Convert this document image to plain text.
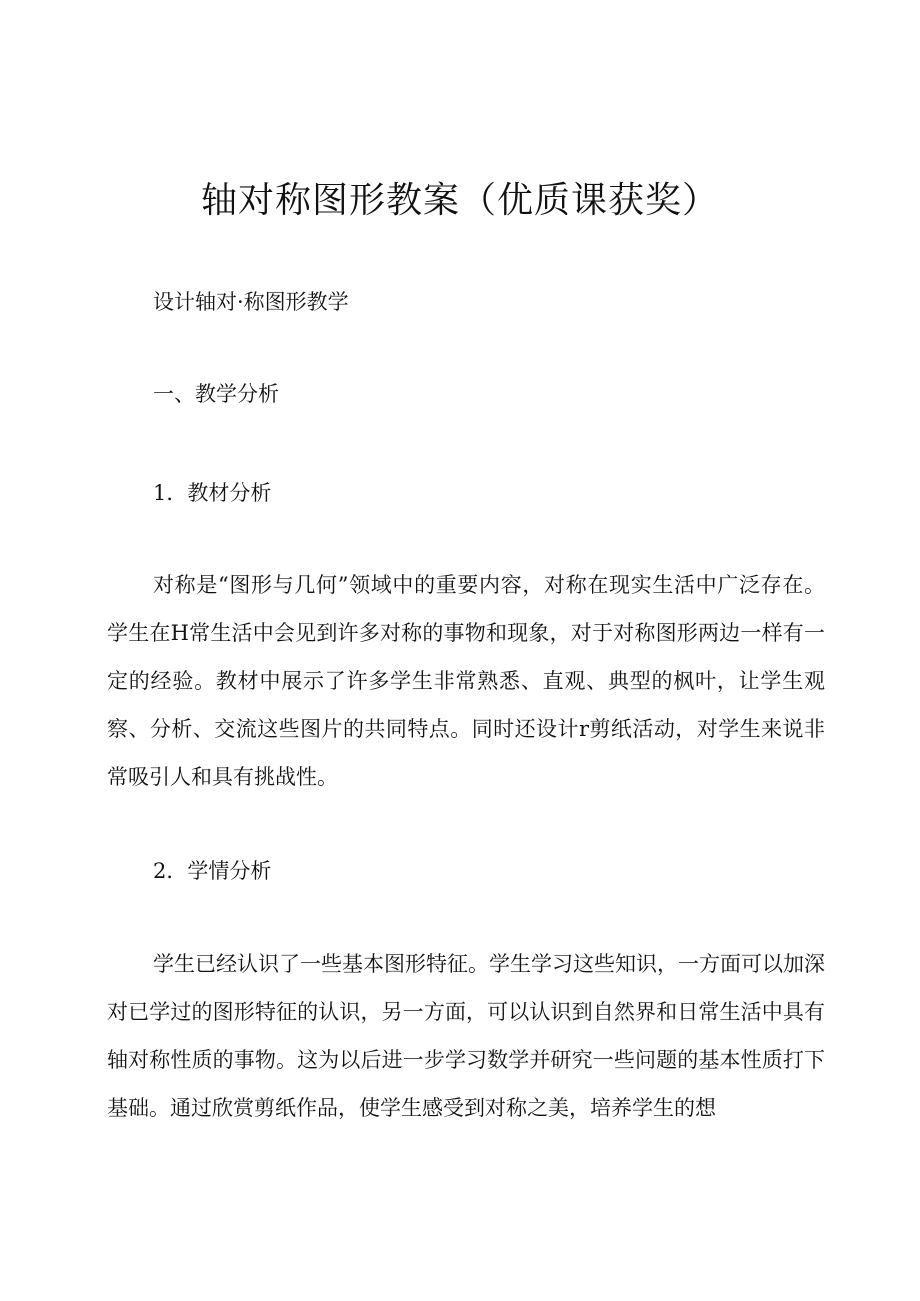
轴对称图形教案（优质课获奖）

设计轴对·称图形教学

一、教学分析

1．教材分析

对称是“图形与几何”领域中的重要内容，对称在现实生活中广泛存在。学生在H常生活中会见到许多对称的事物和现象，对于对称图形两边一样有一定的经验。教材中展示了许多学生非常熟悉、直观、典型的枫叶，让学生观察、分析、交流这些图片的共同特点。同时还设计r剪纸活动，对学生来说非常吸引人和具有挑战性。

2．学情分析

学生已经认识了一些基本图形特征。学生学习这些知识，一方面可以加深对已学过的图形特征的认识，另一方面，可以认识到自然界和日常生活中具有轴对称性质的事物。这为以后进一步学习数学并研究一些问题的基本性质打下基础。通过欣赏剪纸作品，使学生感受到对称之美，培养学生的想
